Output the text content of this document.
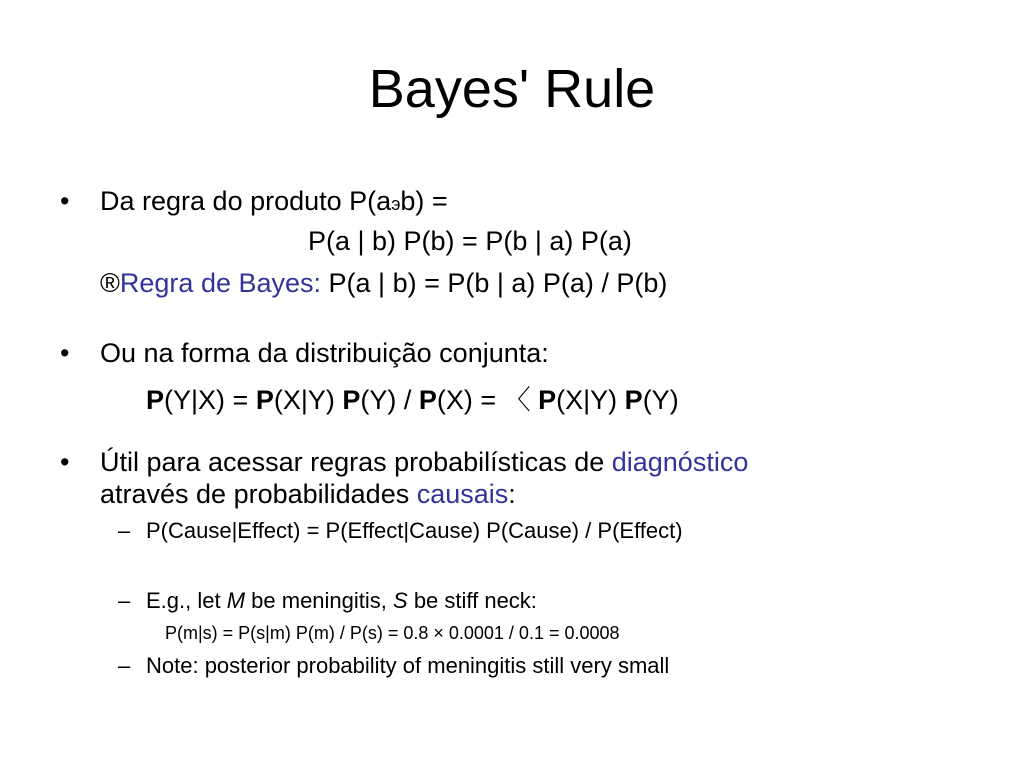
Bayes' Rule
• Da regra do produto P(aэb) =
P(a | b) P(b) = P(b | a) P(a)
®Regra de Bayes: P(a | b) = P(b | a) P(a) / P(b)
• Ou na forma da distribuição conjunta:
P(Y|X) = P(X|Y) P(Y) / P(X) = 〈 P(X|Y) P(Y)
• Útil para acessar regras probabilísticas de diagnóstico
através de probabilidades causais:
– P(Cause|Effect) = P(Effect|Cause) P(Cause) / P(Effect)
– E.g., let M be meningitis, S be stiff neck:
P(m|s) = P(s|m) P(m) / P(s) = 0.8 × 0.0001 / 0.1 = 0.0008
– Note: posterior probability of meningitis still very small
